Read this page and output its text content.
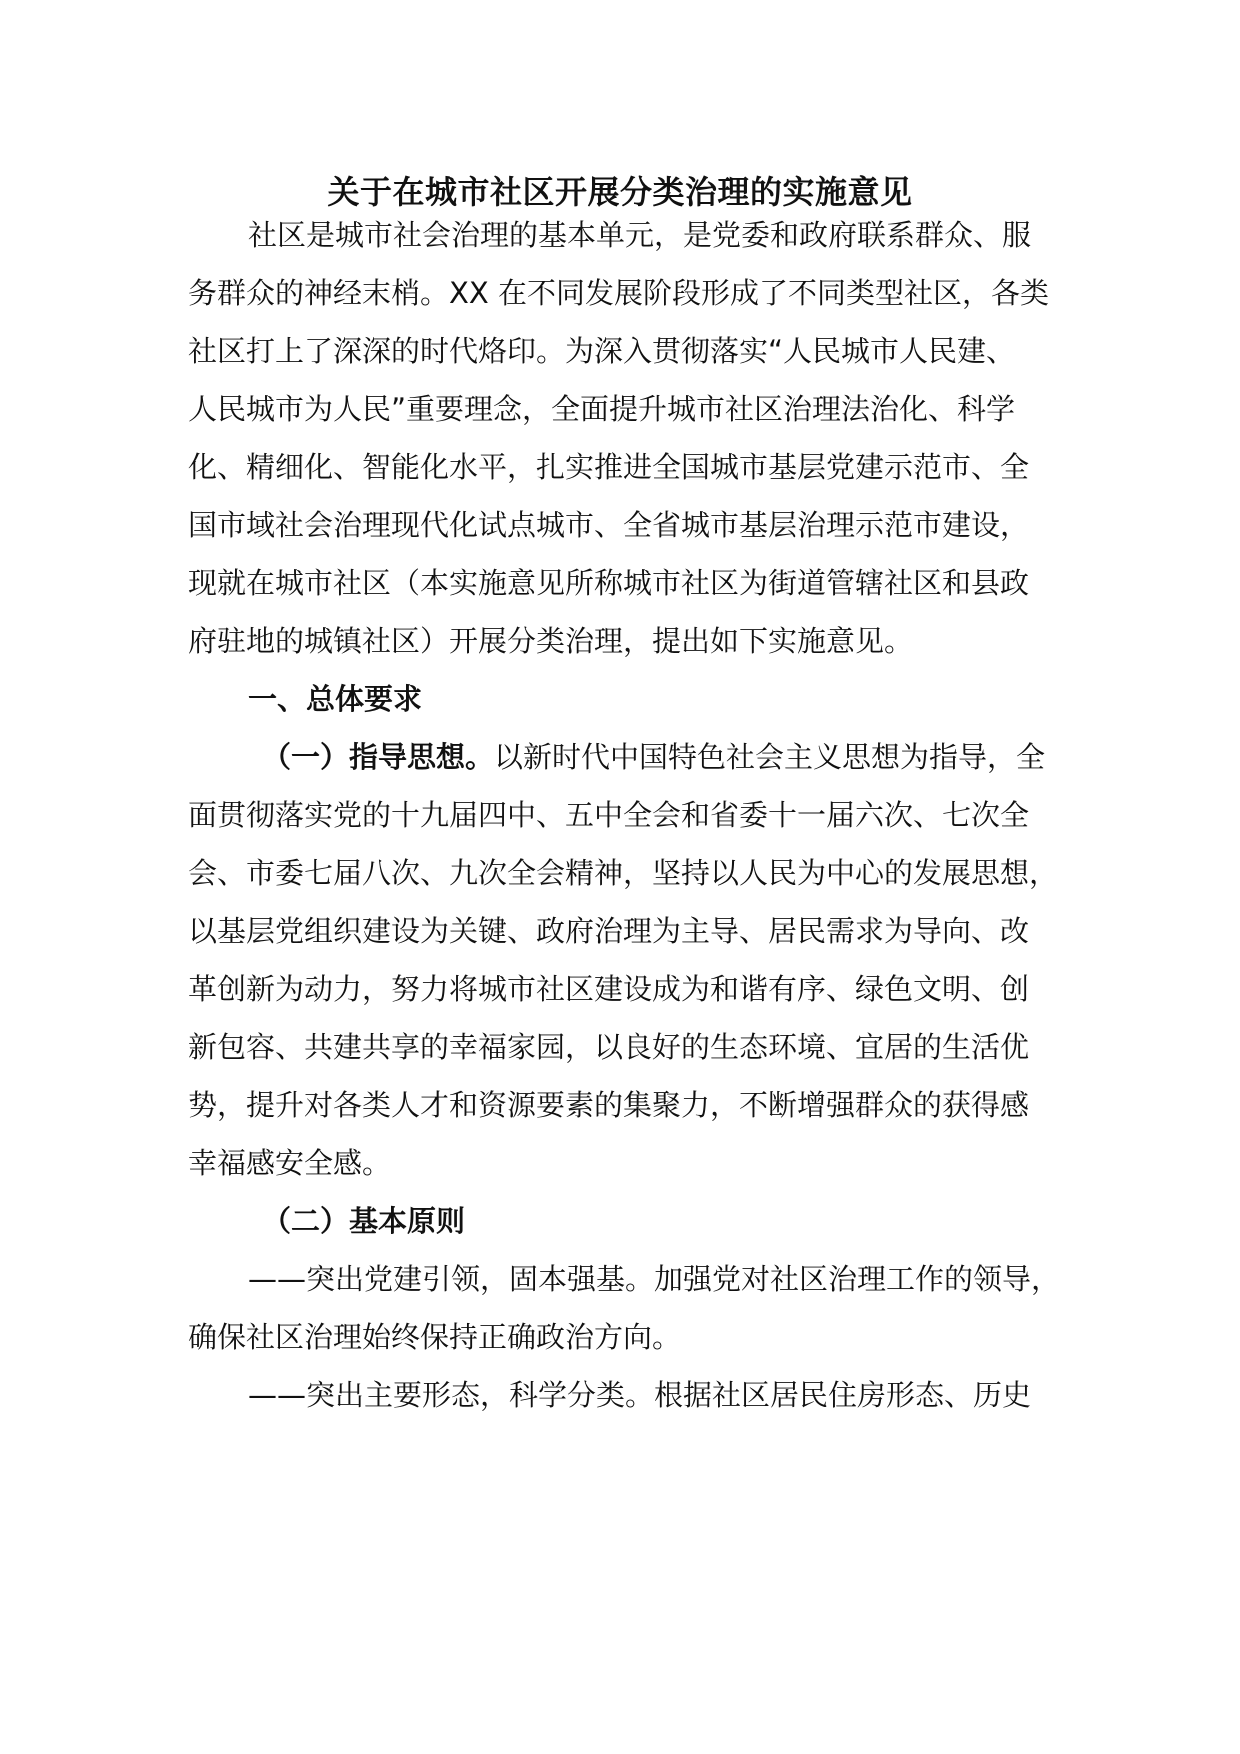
关于在城市社区开展分类治理的实施意见

社区是城市社会治理的基本单元，是党委和政府联系群众、服

务群众的神经末梢。XX 在不同发展阶段形成了不同类型社区，各类

社区打上了深深的时代烙印。为深入贯彻落实“人民城市人民建、

人民城市为人民”重要理念，全面提升城市社区治理法治化、科学

化、精细化、智能化水平，扎实推进全国城市基层党建示范市、全

国市域社会治理现代化试点城市、全省城市基层治理示范市建设，

现就在城市社区（本实施意见所称城市社区为街道管辖社区和县政

府驻地的城镇社区）开展分类治理，提出如下实施意见。

一、总体要求

（一）指导思想。以新时代中国特色社会主义思想为指导，全

面贯彻落实党的十九届四中、五中全会和省委十一届六次、七次全

会、市委七届八次、九次全会精神，坚持以人民为中心的发展思想，

以基层党组织建设为关键、政府治理为主导、居民需求为导向、改

革创新为动力，努力将城市社区建设成为和谐有序、绿色文明、创

新包容、共建共享的幸福家园，以良好的生态环境、宜居的生活优

势，提升对各类人才和资源要素的集聚力，不断增强群众的获得感

幸福感安全感。

（二）基本原则

——突出党建引领，固本强基。加强党对社区治理工作的领导，

确保社区治理始终保持正确政治方向。

——突出主要形态，科学分类。根据社区居民住房形态、历史
